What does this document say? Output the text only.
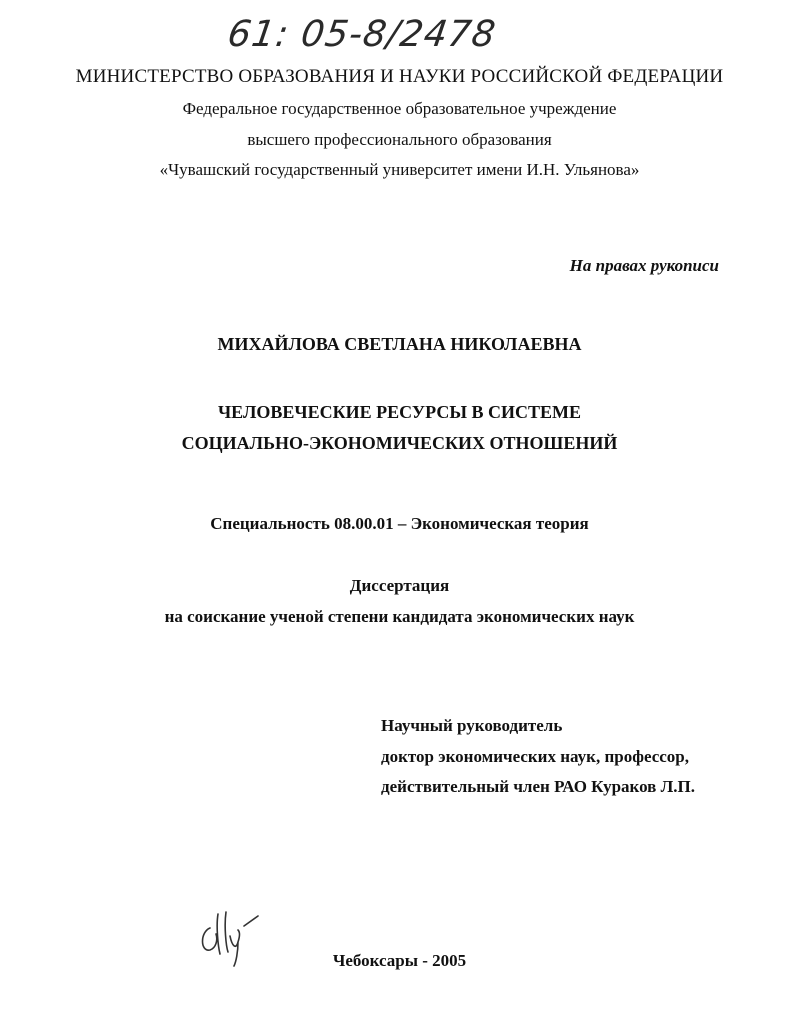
61: 05-8/2478
МИНИСТЕРСТВО ОБРАЗОВАНИЯ И НАУКИ РОССИЙСКОЙ ФЕДЕРАЦИИ
Федеральное государственное образовательное учреждение
высшего профессионального образования
«Чувашский государственный университет имени И.Н. Ульянова»
На правах рукописи
МИХАЙЛОВА СВЕТЛАНА НИКОЛАЕВНА
ЧЕЛОВЕЧЕСКИЕ РЕСУРСЫ В СИСТЕМЕ
СОЦИАЛЬНО-ЭКОНОМИЧЕСКИХ ОТНОШЕНИЙ
Специальность 08.00.01 – Экономическая теория
Диссертация
на соискание ученой степени кандидата экономических наук
Научный руководитель
доктор экономических наук, профессор,
действительный член РАО Кураков Л.П.
Чебоксары - 2005
